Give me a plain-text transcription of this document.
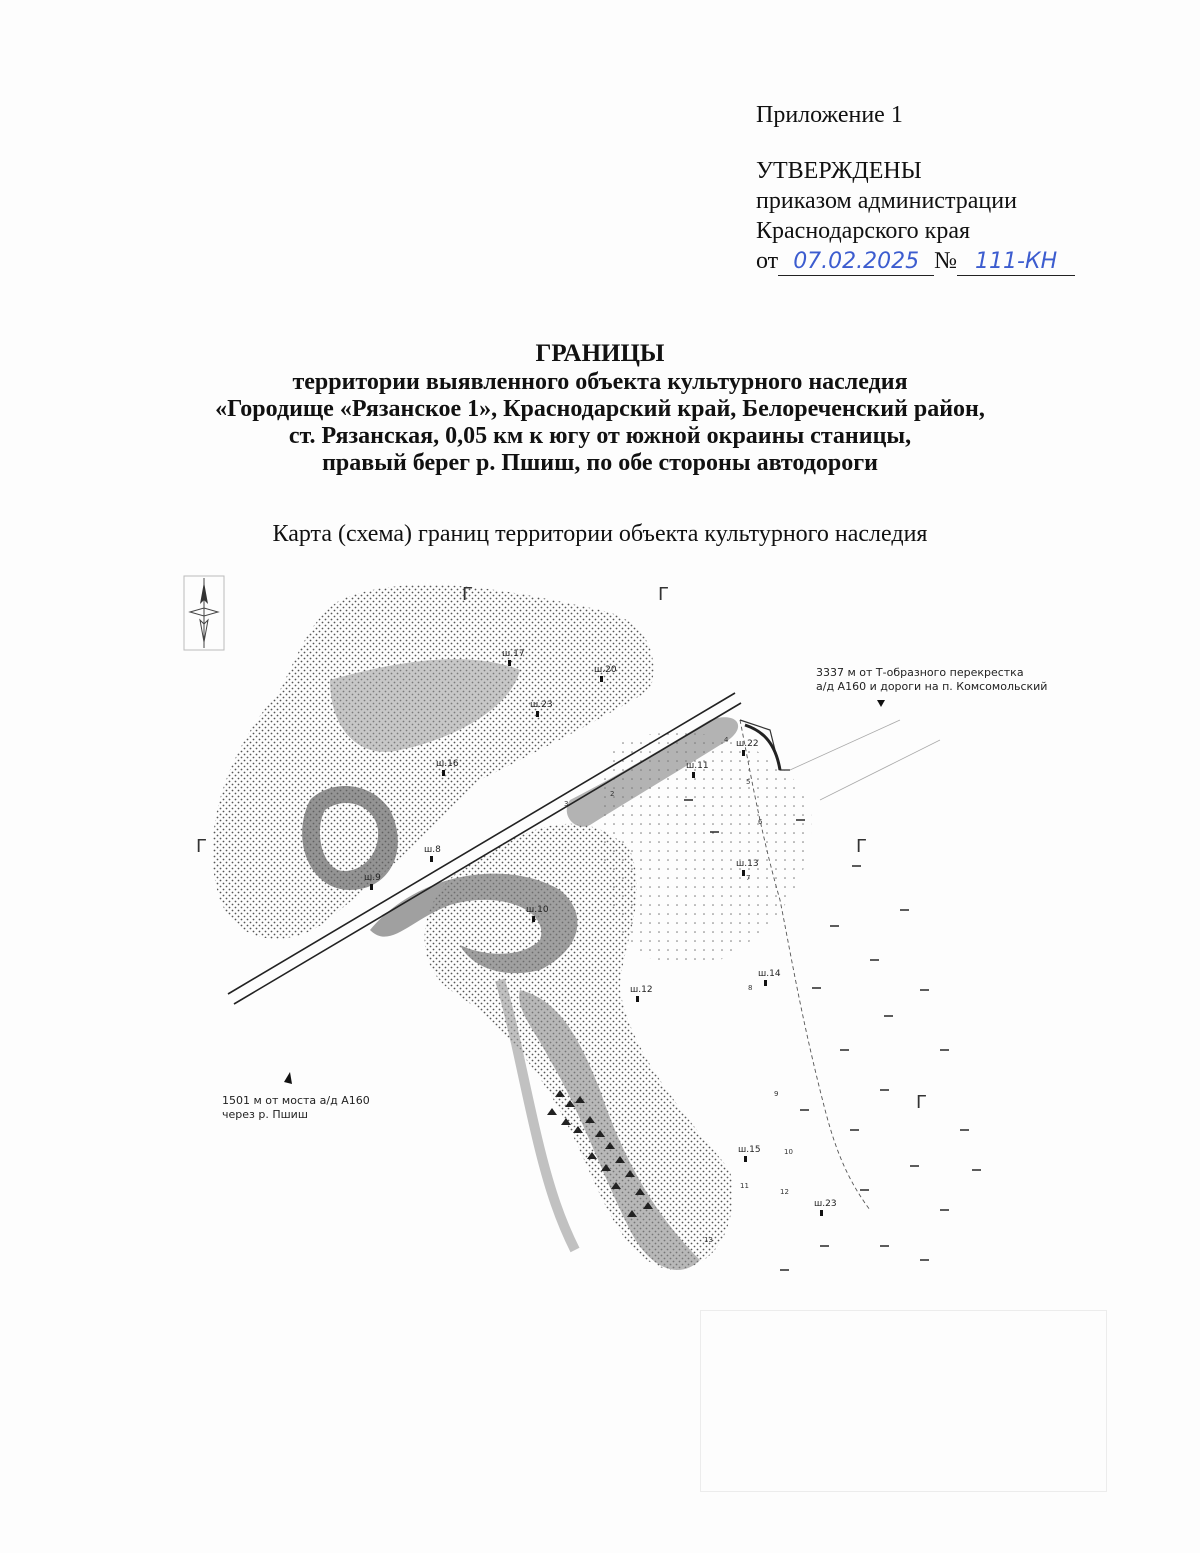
Приложение 1
УТВЕРЖДЕНЫ
приказом администрации
Краснодарского края
от 07.02.2025 № 111-КН
ГРАНИЦЫ
территории выявленного объекта культурного наследия
«Городище «Рязанское 1», Краснодарский край, Белореченский район,
ст. Рязанская, 0,05 км к югу от южной окраины станицы,
правый берег р. Пшиш, по обе стороны автодороги
Карта (схема) границ территории объекта культурного наследия
Г	Г
Г	Г
Г
ш.17
ш.20
ш.23
ш.16
ш.22
ш.11
ш.8
ш.9
ш.13
ш.10
ш.12
ш.14
ш.15
ш.23
2
3
4
5
6
7
8
9
10
11
12
13
3337 м от Т-образного перекрестка
а/д А160 и дороги на п. Комсомольский
1501 м от моста а/д А160
через р. Пшиш
